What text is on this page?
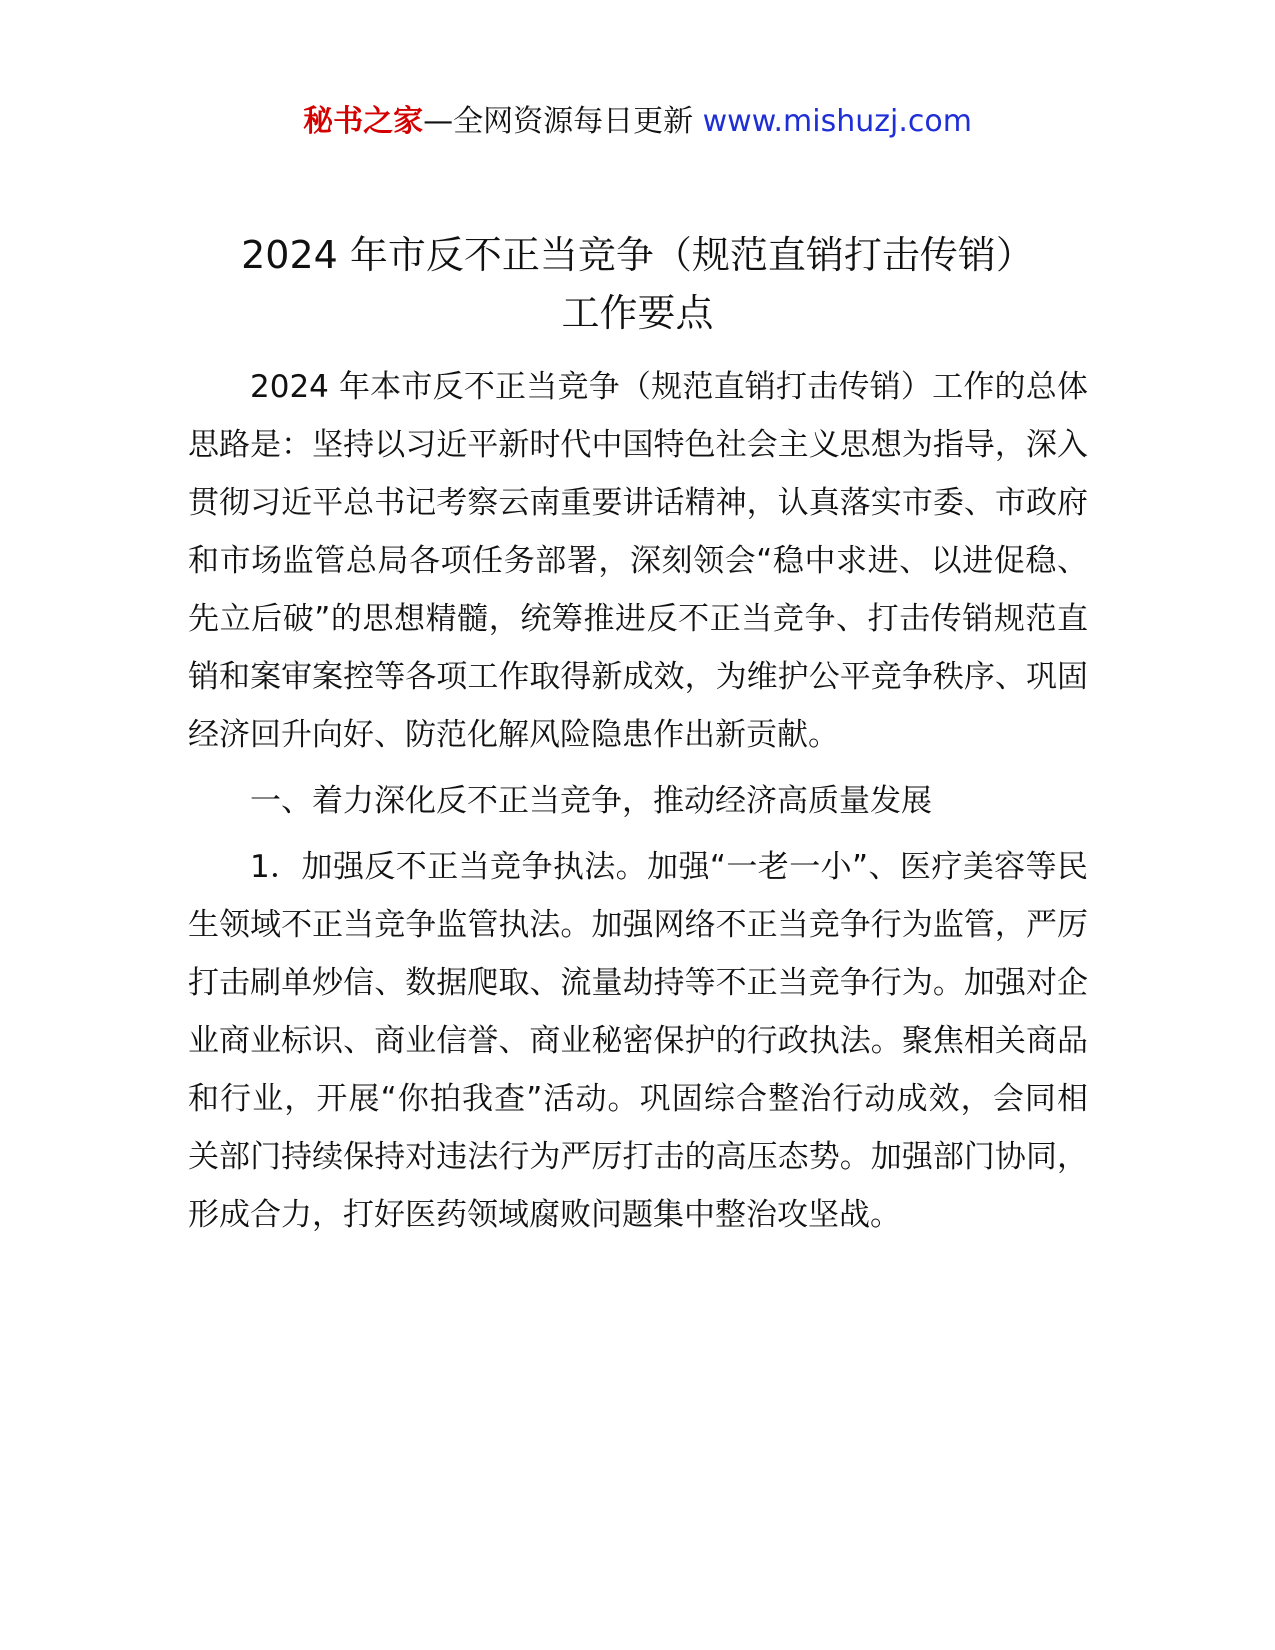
秘书之家—全网资源每日更新 www.mishuzj.com
2024 年市反不正当竞争（规范直销打击传销）
工作要点

2024 年本市反不正当竞争（规范直销打击传销）工作的总体思路是：坚持以习近平新时代中国特色社会主义思想为指导，深入贯彻习近平总书记考察云南重要讲话精神，认真落实市委、市政府和市场监管总局各项任务部署，深刻领会“稳中求进、以进促稳、先立后破”的思想精髓，统筹推进反不正当竞争、打击传销规范直销和案审案控等各项工作取得新成效，为维护公平竞争秩序、巩固经济回升向好、防范化解风险隐患作出新贡献。

一、着力深化反不正当竞争，推动经济高质量发展

1．加强反不正当竞争执法。加强“一老一小”、医疗美容等民生领域不正当竞争监管执法。加强网络不正当竞争行为监管，严厉打击刷单炒信、数据爬取、流量劫持等不正当竞争行为。加强对企业商业标识、商业信誉、商业秘密保护的行政执法。聚焦相关商品和行业，开展“你拍我查”活动。巩固综合整治行动成效，会同相关部门持续保持对违法行为严厉打击的高压态势。加强部门协同，形成合力，打好医药领域腐败问题集中整治攻坚战。
